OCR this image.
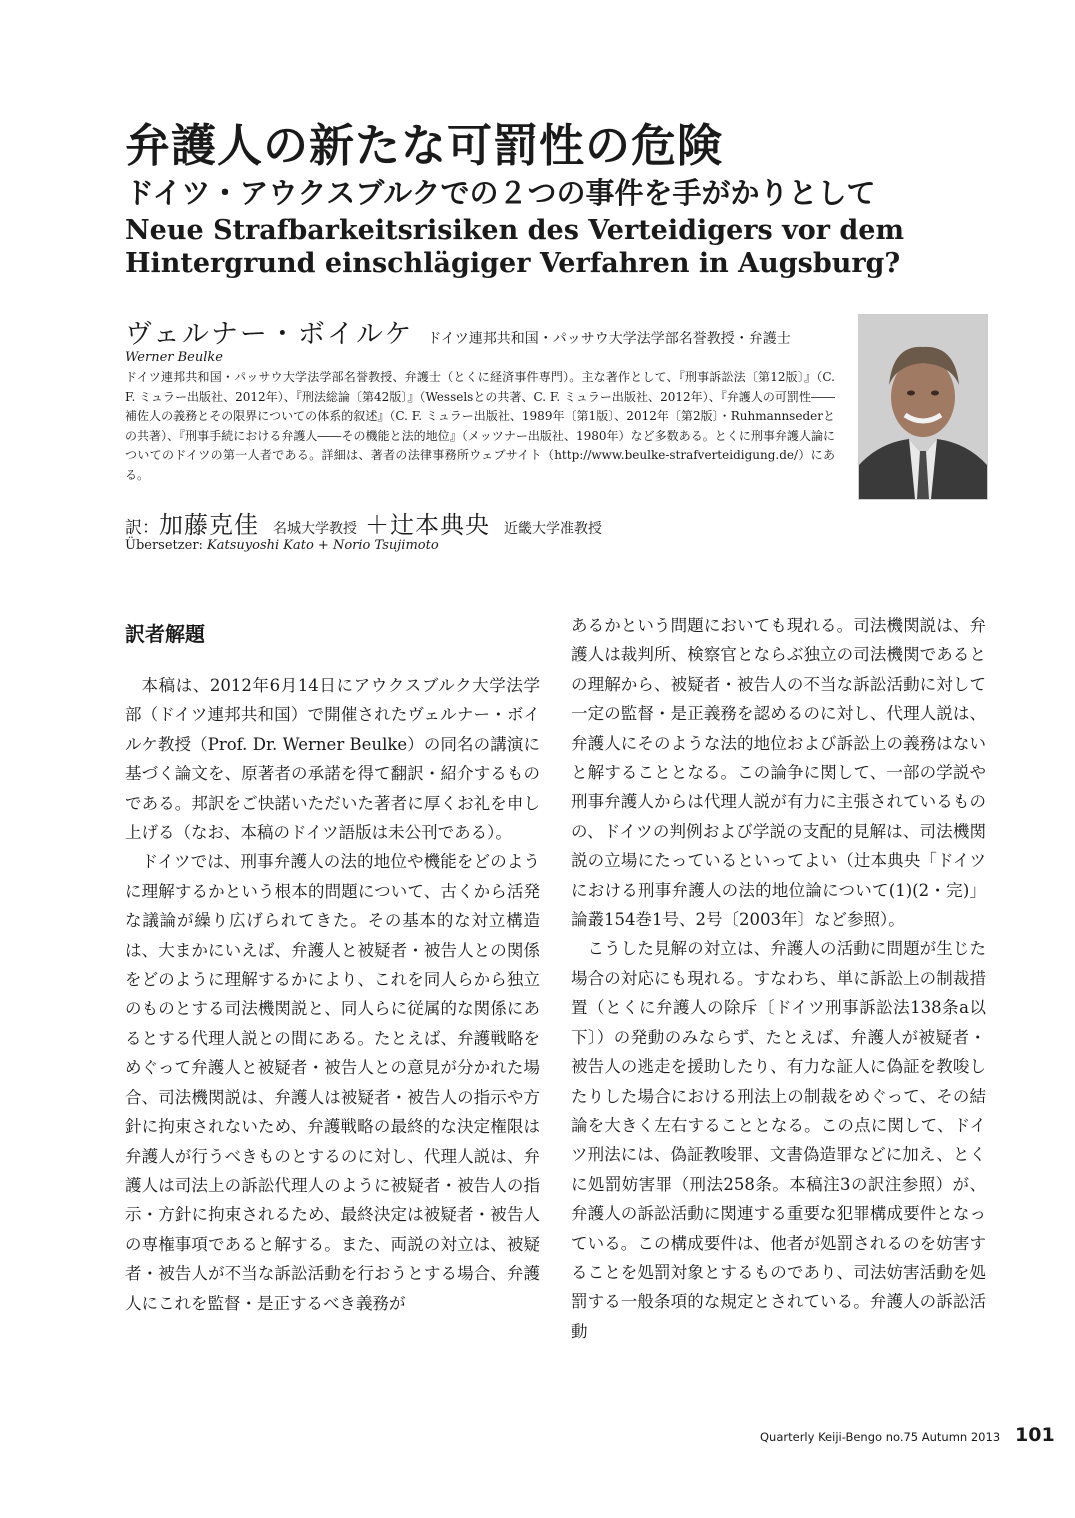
弁護人の新たな可罰性の危険
ドイツ・アウクスブルクでの２つの事件を手がかりとして
Neue Strafbarkeitsrisiken des Verteidigers vor dem
Hintergrund einschlägiger Verfahren in Augsburg?
ヴェルナー・ボイルケ ドイツ連邦共和国・パッサウ大学法学部名誉教授・弁護士
Werner Beulke

ドイツ連邦共和国・パッサウ大学法学部名誉教授、弁護士（とくに経済事件専門）。主な著作として、『刑事訴訟法〔第12版〕』（C. F. ミュラー出版社、2012年）、『刑法総論〔第42版〕』（Wesselsとの共著、C. F. ミュラー出版社、2012年）、『弁護人の可罰性――補佐人の義務とその限界についての体系的叙述』（C. F. ミュラー出版社、1989年〔第1版〕、2012年〔第2版〕・Ruhmannsederとの共著）、『刑事手続における弁護人――その機能と法的地位』（メッツナー出版社、1980年）など多数ある。とくに刑事弁護人論についてのドイツの第一人者である。詳細は、著者の法律事務所ウェブサイト（http://www.beulke-strafverteidigung.de/）にある。

訳：加藤克佳 名城大学教授 ＋辻本典央 近畿大学准教授
Übersetzer: Katsuyoshi Kato + Norio Tsujimoto
訳者解題

本稿は、2012年6月14日にアウクスブルク大学法学部（ドイツ連邦共和国）で開催されたヴェルナー・ボイルケ教授（Prof. Dr. Werner Beulke）の同名の講演に基づく論文を、原著者の承諾を得て翻訳・紹介するものである。邦訳をご快諾いただいた著者に厚くお礼を申し上げる（なお、本稿のドイツ語版は未公刊である）。

ドイツでは、刑事弁護人の法的地位や機能をどのように理解するかという根本的問題について、古くから活発な議論が繰り広げられてきた。その基本的な対立構造は、大まかにいえば、弁護人と被疑者・被告人との関係をどのように理解するかにより、これを同人らから独立のものとする司法機関説と、同人らに従属的な関係にあるとする代理人説との間にある。たとえば、弁護戦略をめぐって弁護人と被疑者・被告人との意見が分かれた場合、司法機関説は、弁護人は被疑者・被告人の指示や方針に拘束されないため、弁護戦略の最終的な決定権限は弁護人が行うべきものとするのに対し、代理人説は、弁護人は司法上の訴訟代理人のように被疑者・被告人の指示・方針に拘束されるため、最終決定は被疑者・被告人の専権事項であると解する。また、両説の対立は、被疑者・被告人が不当な訴訟活動を行おうとする場合、弁護人にこれを監督・是正するべき義務が

あるかという問題においても現れる。司法機関説は、弁護人は裁判所、検察官とならぶ独立の司法機関であるとの理解から、被疑者・被告人の不当な訴訟活動に対して一定の監督・是正義務を認めるのに対し、代理人説は、弁護人にそのような法的地位および訴訟上の義務はないと解することとなる。この論争に関して、一部の学説や刑事弁護人からは代理人説が有力に主張されているものの、ドイツの判例および学説の支配的見解は、司法機関説の立場にたっているといってよい（辻本典央「ドイツにおける刑事弁護人の法的地位論について(1)(2・完)」論叢154巻1号、2号〔2003年〕など参照）。

こうした見解の対立は、弁護人の活動に問題が生じた場合の対応にも現れる。すなわち、単に訴訟上の制裁措置（とくに弁護人の除斥〔ドイツ刑事訴訟法138条a以下〕）の発動のみならず、たとえば、弁護人が被疑者・被告人の逃走を援助したり、有力な証人に偽証を教唆したりした場合における刑法上の制裁をめぐって、その結論を大きく左右することとなる。この点に関して、ドイツ刑法には、偽証教唆罪、文書偽造罪などに加え、とくに処罰妨害罪（刑法258条。本稿注3の訳注参照）が、弁護人の訴訟活動に関連する重要な犯罪構成要件となっている。この構成要件は、他者が処罰されるのを妨害することを処罰対象とするものであり、司法妨害活動を処罰する一般条項的な規定とされている。弁護人の訴訟活動

Quarterly Keiji-Bengo no.75 Autumn 2013 101
